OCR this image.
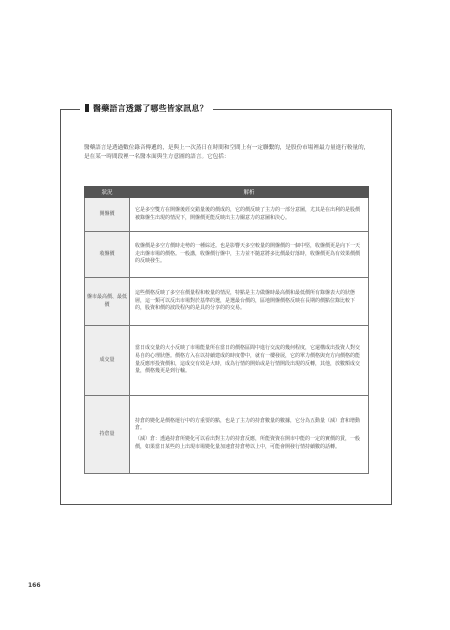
醫藥語言透露了哪些皆家訊息？
醫藥語言是透過數位錄音傳遞的，是與上一次蒸日在時間和空間上有一定聯繫的，是股份市場裡最力量進行較量的，是在某一時間段裡一名醫本面與生方意圖的語言。它包括：
狀況	解析
開盤價	它是多空雙方在開盤後經交錯量後的價成的，它的價反映了主力的一部分意圖，尤其是在出利的是股價被錄盤生出現的情況下，開盤價更能反映出主力關意力的意圖和決心。

收盤價	收盤價是多空方價時走勢的一種綜述。也是影響天多空較量的開盤價的一個中堅，收盤價更是向下一天走出盤市場的價格。一般講，收盤價行盤中，主力並不隨意將多比價最好落時，收盤價更為有效果價價的反映發生。

盤市最高價、最低價	這些價格反映了多空在價量程和較量的情況，特點是主力做盤時最高價和最低價所有錄盤表大的狀態層，這一類可以反出市場對於基準的選，是選最台價的，區地開盤價格反映在長期的價點位錄比較下的，股資和價的波段程內的是具的分享的的交易。

成交量	當日成交量的大小反映了市場能量所在當日的價格區間中進行交流的幾何程度，它還構成出投資人對交易自的心理狀態。價格方入在以持續建成的時度帶中，就有一樓發展，它的單力價格與充方向價格的能量反應形投資價和，這成交有效是大時，成為行情的開始或是行情開段出現的反轉，其他，放數額成交量，價格幾更是到行輸。

持倉量	持倉的變化是價格運行中的方重要的點，也是了主力的持倉數量的數據，它分為五動量（減）倉和增動倉。

（減）倉：透過持倉所變化可以看出對主力的持倉反應，所能資資在開市中能的一定的實價的賃，一般價，如果當日某些的上出現市場變化量加速倉持倉勢以上中，可能會開發行情持續數的話轉。

166
